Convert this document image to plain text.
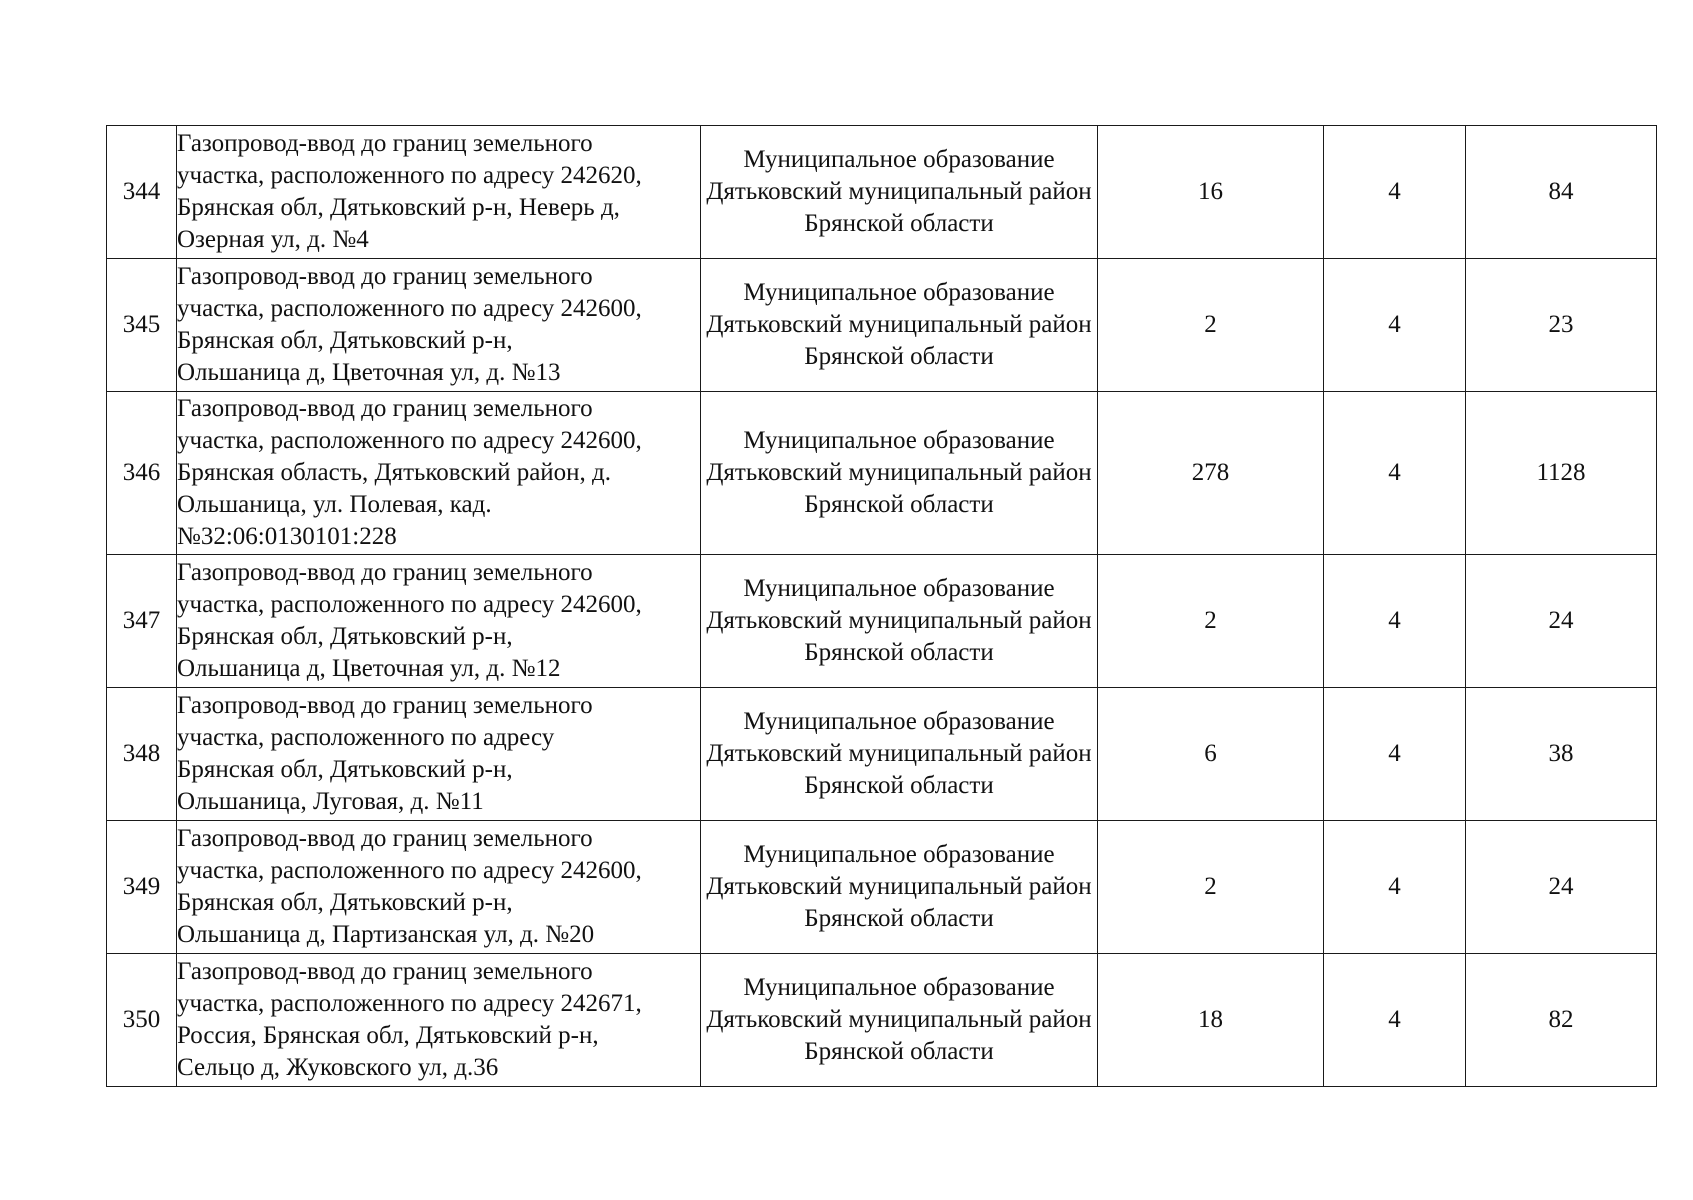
344	Газопровод-ввод до границ земельного
участка, расположенного по адресу 242620,
Брянская обл, Дятьковский р-н, Неверь д,
Озерная ул, д. №4	Муниципальное образование Дятьковский муниципальный район Брянской области	16	4	84
345	Газопровод-ввод до границ земельного
участка, расположенного по адресу 242600,
Брянская обл, Дятьковский р-н,
Ольшаница д, Цветочная ул, д. №13	Муниципальное образование Дятьковский муниципальный район Брянской области	2	4	23
346	Газопровод-ввод до границ земельного
участка, расположенного по адресу 242600,
Брянская область, Дятьковский район, д.
Ольшаница, ул. Полевая, кад.
№32:06:0130101:228	Муниципальное образование Дятьковский муниципальный район Брянской области	278	4	1128
347	Газопровод-ввод до границ земельного
участка, расположенного по адресу 242600,
Брянская обл, Дятьковский р-н,
Ольшаница д, Цветочная ул, д. №12	Муниципальное образование Дятьковский муниципальный район Брянской области	2	4	24
348	Газопровод-ввод до границ земельного
участка, расположенного по адресу
Брянская обл, Дятьковский р-н,
Ольшаница, Луговая, д. №11	Муниципальное образование Дятьковский муниципальный район Брянской области	6	4	38
349	Газопровод-ввод до границ земельного
участка, расположенного по адресу 242600,
Брянская обл, Дятьковский р-н,
Ольшаница д, Партизанская ул, д. №20	Муниципальное образование Дятьковский муниципальный район Брянской области	2	4	24
350	Газопровод-ввод до границ земельного
участка, расположенного по адресу 242671,
Россия, Брянская обл, Дятьковский р-н,
Сельцо д, Жуковского ул, д.36	Муниципальное образование Дятьковский муниципальный район Брянской области	18	4	82
